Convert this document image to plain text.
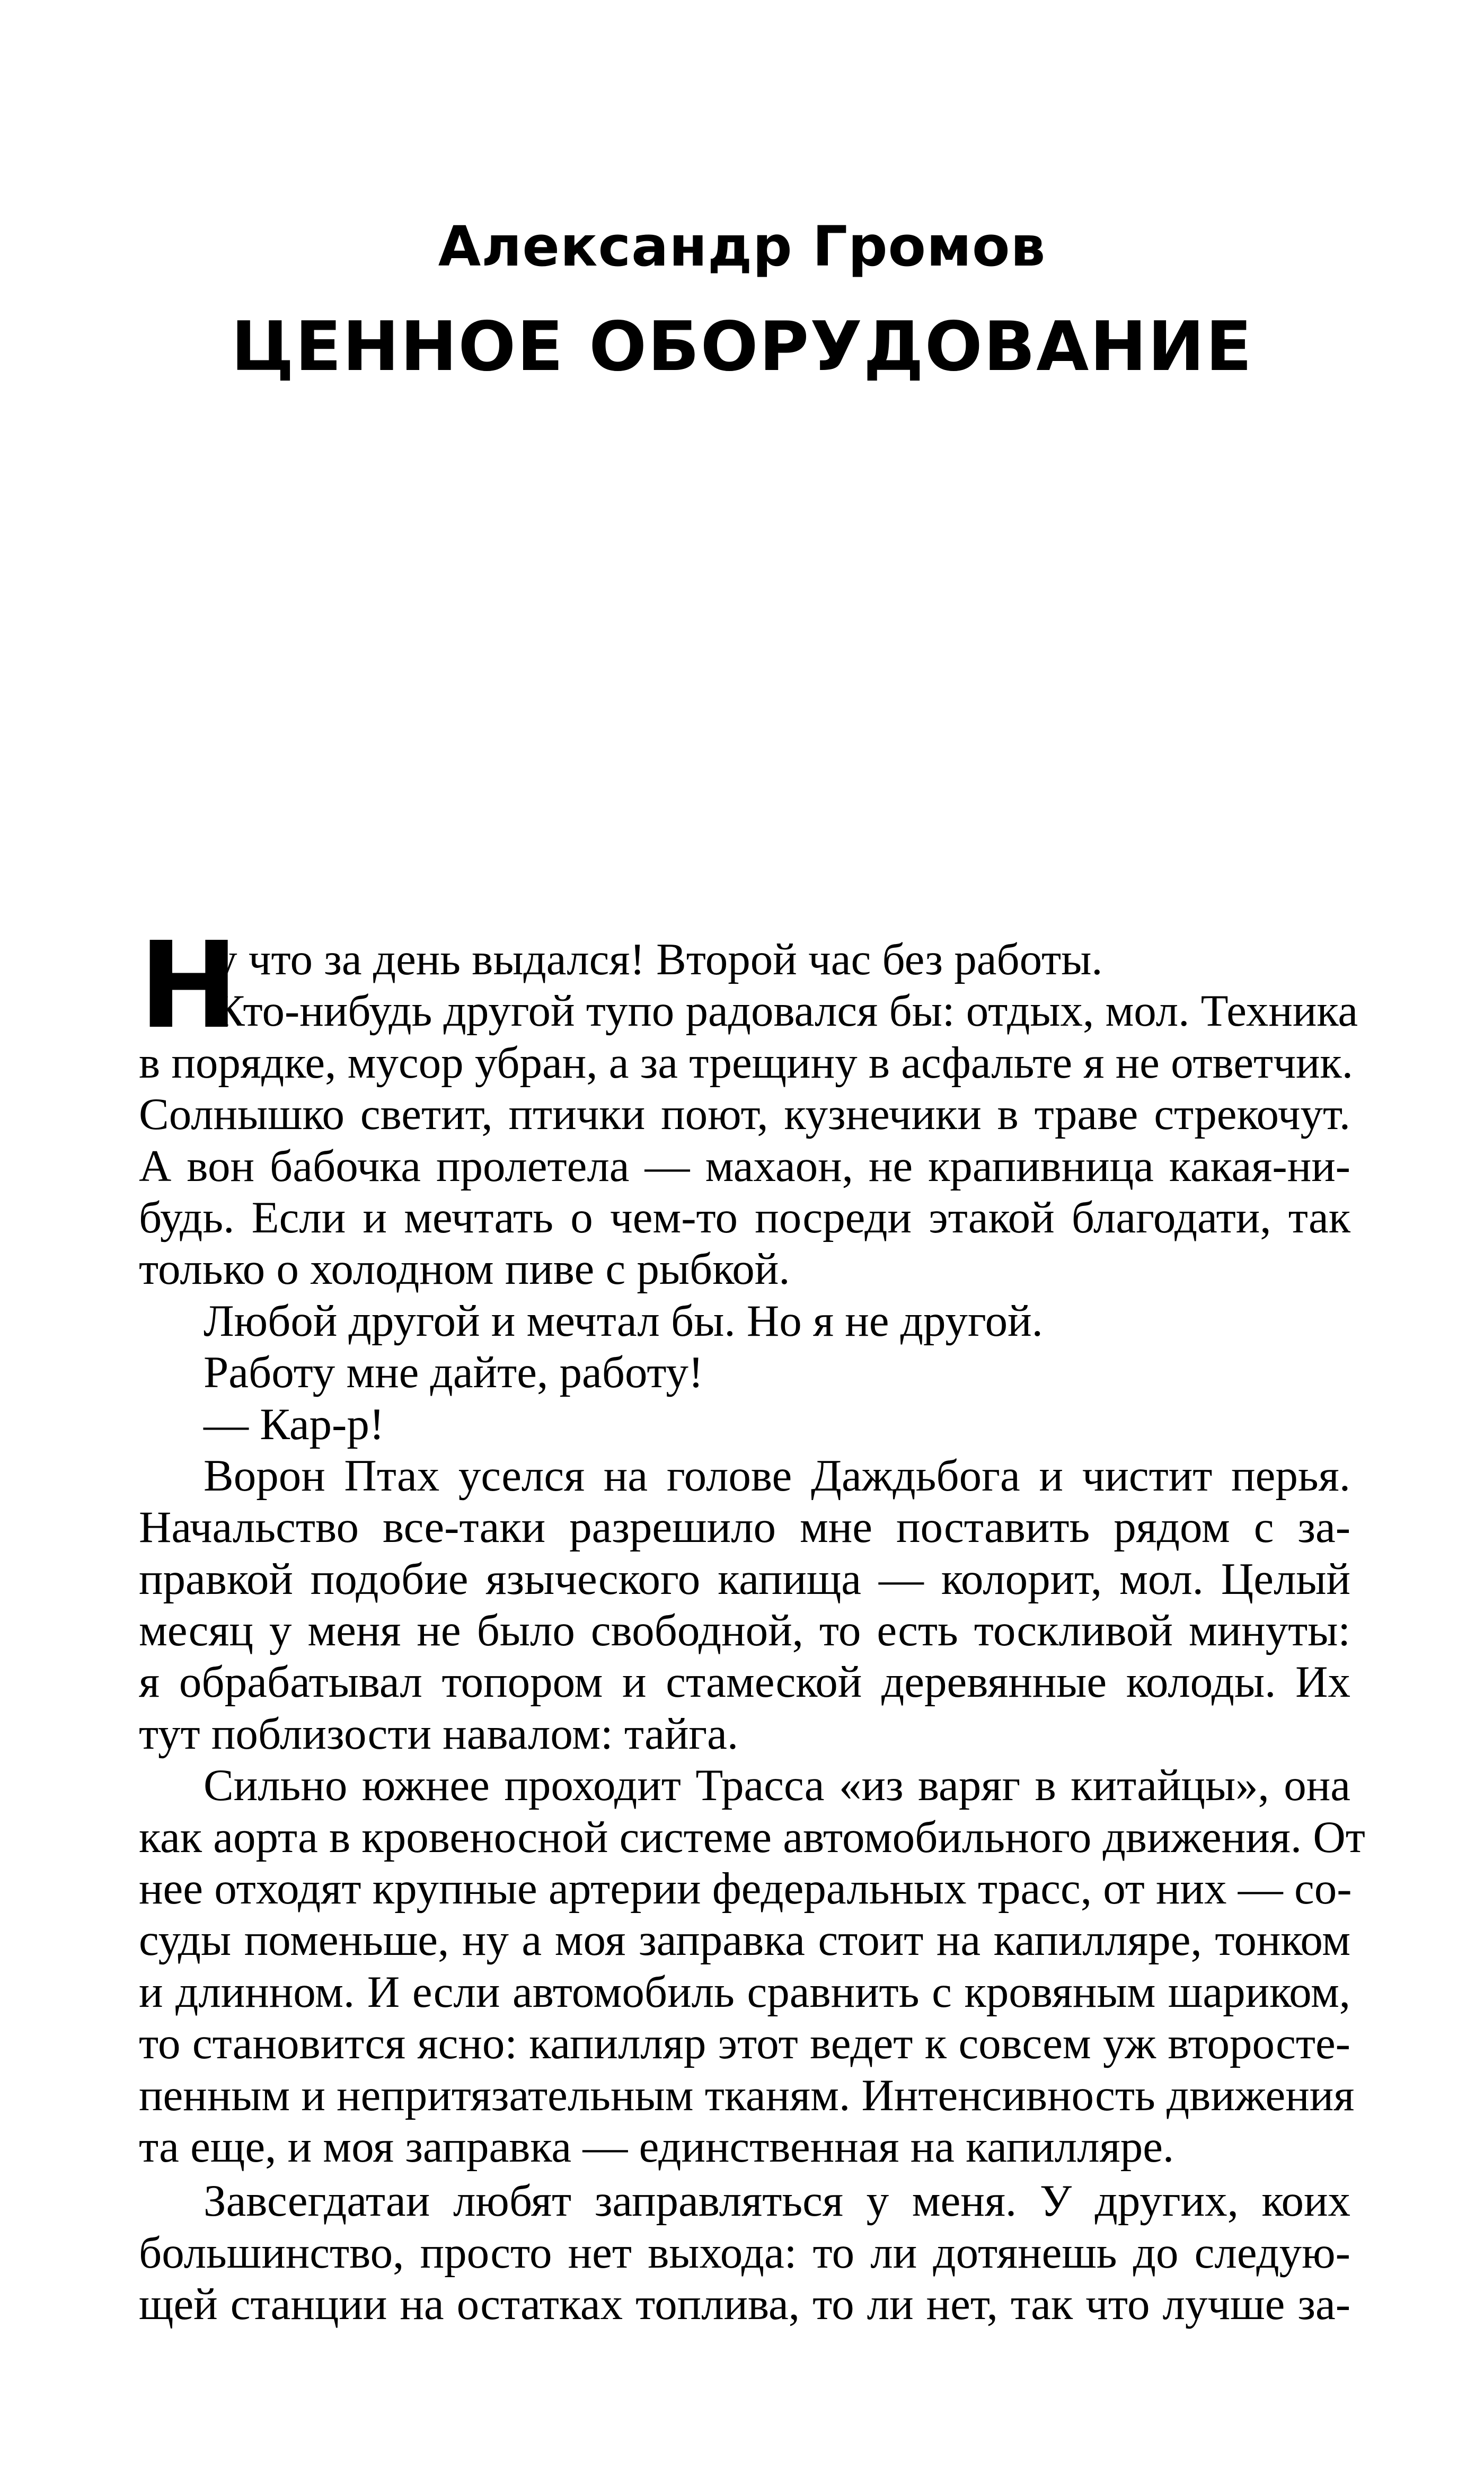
Александр Громов
ЦЕННОЕ ОБОРУДОВАНИЕ
Н
у что за день выдался! Второй час без работы.
Кто-нибудь другой тупо радовался бы: отдых, мол. Техника
в порядке, мусор убран, а за трещину в асфальте я не ответчик.
Солнышко светит, птички поют, кузнечики в траве стрекочут.
А вон бабочка пролетела — махаон, не крапивница какая-ни-
будь. Если и мечтать о чем-то посреди этакой благодати, так
только о холодном пиве с рыбкой.
Любой другой и мечтал бы. Но я не другой.
Работу мне дайте, работу!
— Кар-р!
Ворон Птах уселся на голове Даждьбога и чистит перья.
Начальство все-таки разрешило мне поставить рядом с за-
правкой подобие языческого капища — колорит, мол. Целый
месяц у меня не было свободной, то есть тоскливой минуты:
я обрабатывал топором и стамеской деревянные колоды. Их
тут поблизости навалом: тайга.
Сильно южнее проходит Трасса «из варяг в китайцы», она
как аорта в кровеносной системе автомобильного движения. От
нее отходят крупные артерии федеральных трасс, от них — со-
суды поменьше, ну а моя заправка стоит на капилляре, тонком
и длинном. И если автомобиль сравнить с кровяным шариком,
то становится ясно: капилляр этот ведет к совсем уж второсте-
пенным и непритязательным тканям. Интенсивность движения
та еще, и моя заправка — единственная на капилляре.
Завсегдатаи любят заправляться у меня. У других, коих
большинство, просто нет выхода: то ли дотянешь до следую-
щей станции на остатках топлива, то ли нет, так что лучше за-
